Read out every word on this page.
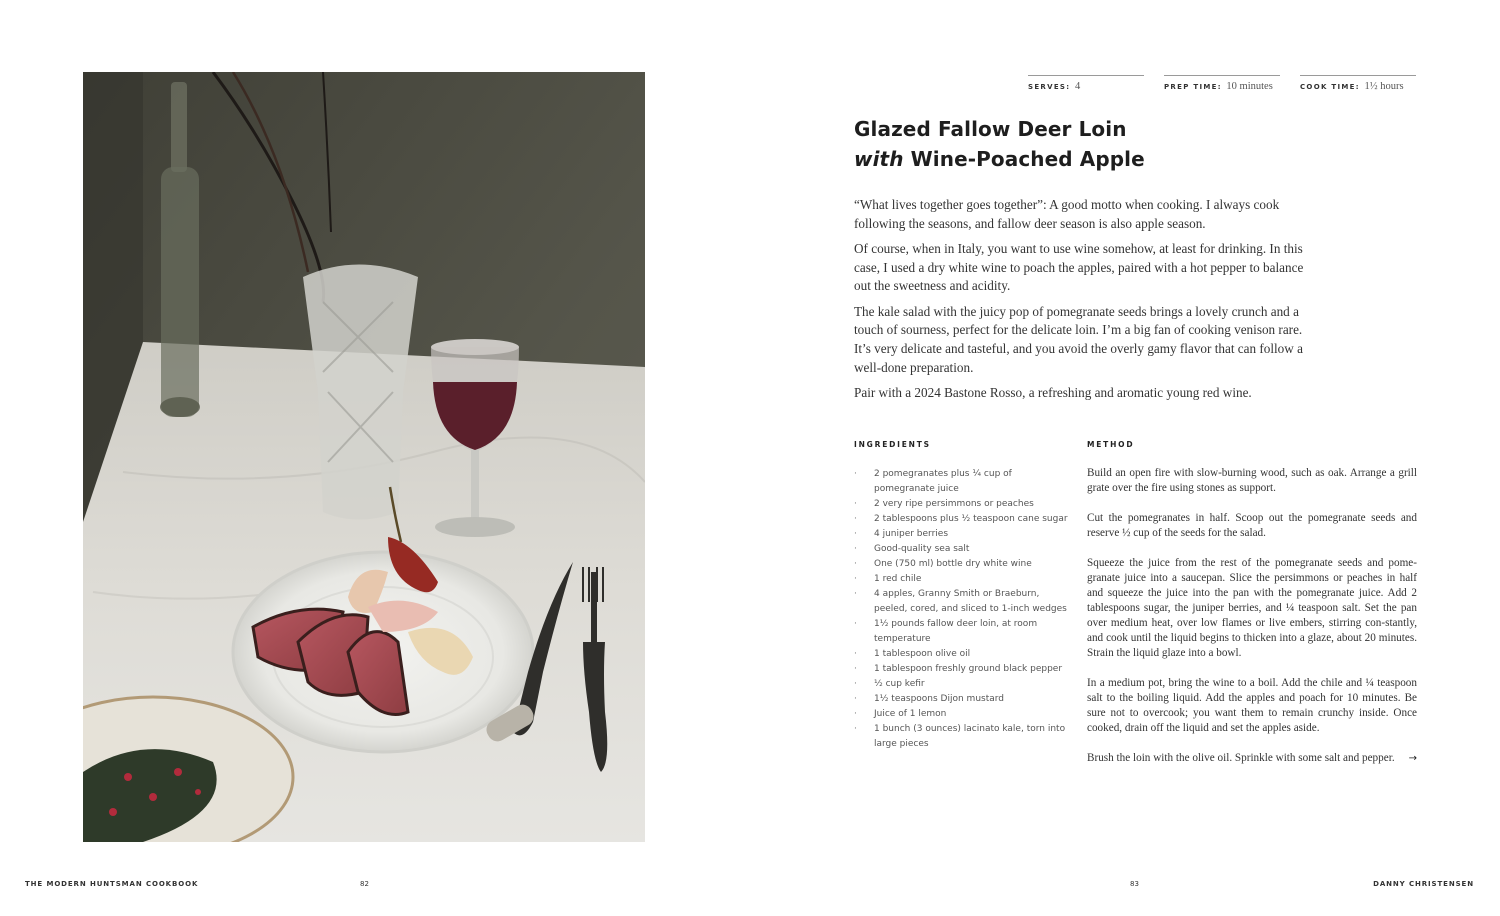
SERVES: 4	PREP TIME: 10 minutes	COOK TIME: 1½ hours
Glazed Fallow Deer Loin
with Wine-Poached Apple

“What lives together goes together”: A good motto when cooking. I always cook following the seasons, and fallow deer season is also apple season.

Of course, when in Italy, you want to use wine somehow, at least for drinking. In this case, I used a dry white wine to poach the apples, paired with a hot pepper to balance out the sweetness and acidity.

The kale salad with the juicy pop of pomegranate seeds brings a lovely crunch and a touch of sourness, perfect for the delicate loin. I’m a big fan of cooking venison rare. It’s very delicate and tasteful, and you avoid the overly gamy flavor that can follow a well-done preparation.

Pair with a 2024 Bastone Rosso, a refreshing and aromatic young red wine.

INGREDIENTS	METHOD
· 2 pomegranates plus ¼ cup of pomegranate juice
· 2 very ripe persimmons or peaches
· 2 tablespoons plus ½ teaspoon cane sugar
· 4 juniper berries
· Good-quality sea salt
· One (750 ml) bottle dry white wine
· 1 red chile
· 4 apples, Granny Smith or Braeburn, peeled, cored, and sliced to 1-inch wedges
· 1½ pounds fallow deer loin, at room temperature
· 1 tablespoon olive oil
· 1 tablespoon freshly ground black pepper
· ½ cup kefir
· 1½ teaspoons Dijon mustard
· Juice of 1 lemon
· 1 bunch (3 ounces) lacinato kale, torn into large pieces

Build an open fire with slow-burning wood, such as oak. Arrange a grill grate over the fire using stones as support.

Cut the pomegranates in half. Scoop out the pomegranate seeds and reserve ½ cup of the seeds for the salad.

Squeeze the juice from the rest of the pomegranate seeds and pome-granate juice into a saucepan. Slice the persimmons or peaches in half and squeeze the juice into the pan with the pomegranate juice. Add 2 tablespoons sugar, the juniper berries, and ¼ teaspoon salt. Set the pan over medium heat, over low flames or live embers, stirring con-stantly, and cook until the liquid begins to thicken into a glaze, about 20 minutes. Strain the liquid glaze into a bowl.

In a medium pot, bring the wine to a boil. Add the chile and ¼ teaspoon salt to the boiling liquid. Add the apples and poach for 10 minutes. Be sure not to overcook; you want them to remain crunchy inside. Once cooked, drain off the liquid and set the apples aside.

Brush the loin with the olive oil. Sprinkle with some salt and pepper. →

THE MODERN HUNTSMAN COOKBOOK	82	83	DANNY CHRISTENSEN
